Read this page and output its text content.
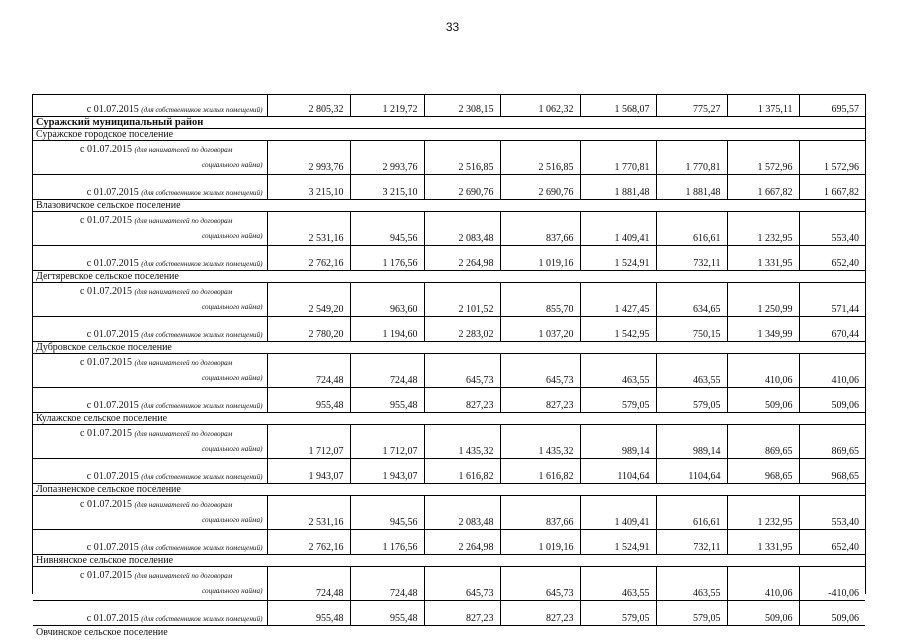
33
с 01.07.2015 (для собственников жилых помещений)	2 805,32	1 219,72	2 308,15	1 062,32	1 568,07	775,27	1 375,11	695,57
Суражский муниципальный район								
Суражское городское поселение								

с 01.07.2015 (для нанимателей по договорам
социального найма)	2 993,76	2 993,76	2 516,85	2 516,85	1 770,81	1 770,81	1 572,96	1 572,96
с 01.07.2015 (для собственников жилых помещений)	3 215,10	3 215,10	2 690,76	2 690,76	1 881,48	1 881,48	1 667,82	1 667,82
Влазовичское сельское поселение								

с 01.07.2015 (для нанимателей по договорам
социального найма)	2 531,16	945,56	2 083,48	837,66	1 409,41	616,61	1 232,95	553,40
с 01.07.2015 (для собственников жилых помещений)	2 762,16	1 176,56	2 264,98	1 019,16	1 524,91	732,11	1 331,95	652,40
Дегтяревское сельское поселение								

с 01.07.2015 (для нанимателей по договорам
социального найма)	2 549,20	963,60	2 101,52	855,70	1 427,45	634,65	1 250,99	571,44
с 01.07.2015 (для собственников жилых помещений)	2 780,20	1 194,60	2 283,02	1 037,20	1 542,95	750,15	1 349,99	670,44
Дубровское сельское поселение								

с 01.07.2015 (для нанимателей по договорам
социального найма)	724,48	724,48	645,73	645,73	463,55	463,55	410,06	410,06
с 01.07.2015 (для собственников жилых помещений)	955,48	955,48	827,23	827,23	579,05	579,05	509,06	509,06
Кулажское сельское поселение								

с 01.07.2015 (для нанимателей по договорам
социального найма)	1 712,07	1 712,07	1 435,32	1 435,32	989,14	989,14	869,65	869,65
с 01.07.2015 (для собственников жилых помещений)	1 943,07	1 943,07	1 616,82	1 616,82	1104,64	1104,64	968,65	968,65
Лопазненское сельское поселение								

с 01.07.2015 (для нанимателей по договорам
социального найма)	2 531,16	945,56	2 083,48	837,66	1 409,41	616,61	1 232,95	553,40
с 01.07.2015 (для собственников жилых помещений)	2 762,16	1 176,56	2 264,98	1 019,16	1 524,91	732,11	1 331,95	652,40
Нивнянское сельское поселение								

с 01.07.2015 (для нанимателей по договорам
социального найма)	724,48	724,48	645,73	645,73	463,55	463,55	410,06	-410,06
с 01.07.2015 (для собственников жилых помещений)	955,48	955,48	827,23	827,23	579,05	579,05	509,06	509,06
Овчинское сельское поселение								
